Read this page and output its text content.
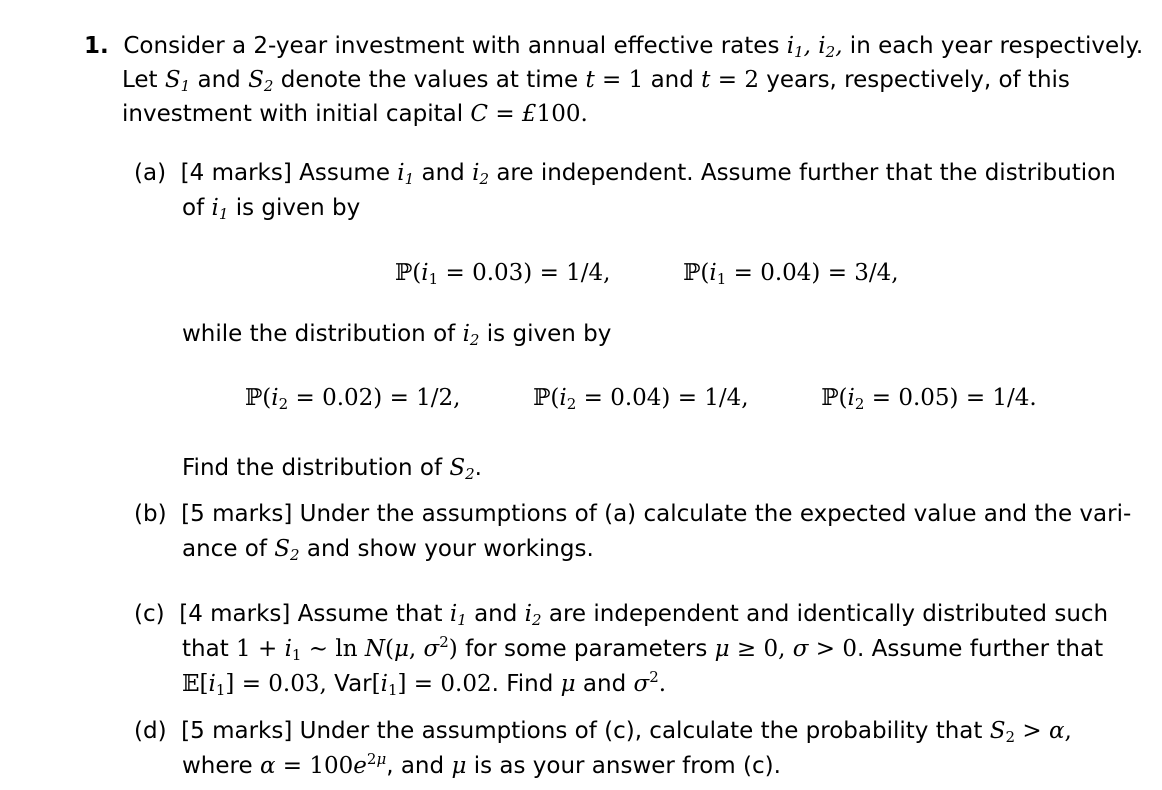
1. Consider a 2-year investment with annual effective rates $i_1$, $i_2$, in each year respectively.
Let $S_1$ and $S_2$ denote the values at time t = 1 and t = 2 years, respectively, of this
investment with initial capital C = £100.
(a) [4 marks] Assume $i_1$ and $i_2$ are independent. Assume further that the distribution
of $i_1$ is given by
$ℙ(i_1 = 0.03) = 1/4$,	$ℙ(i_1 = 0.04) = 3/4$,
while the distribution of $i_2$ is given by
$ℙ(i_2 = 0.02) = 1/2$,	$ℙ(i_2 = 0.04) = 1/4$,	$ℙ(i_2 = 0.05) = 1/4$.
Find the distribution of $S_2$.
(b) [5 marks] Under the assumptions of (a) calculate the expected value and the vari-
ance of $S_2$ and show your workings.
(c) [4 marks] Assume that $i_1$ and $i_2$ are independent and identically distributed such
that $1 + i_1$ ∼ ln N(μ, $\sigma^2$) for some parameters μ ≥ 0, σ > 0. Assume further that
$𝔼[i_1] = 0.03$, $Var[i_1] = 0.02$. Find μ and $\sigma^2$.
(d) [5 marks] Under the assumptions of (c), calculate the probability that $S_2 > \alpha$,
where $\alpha = 100e^{2\mu}$, and μ is as your answer from (c).
